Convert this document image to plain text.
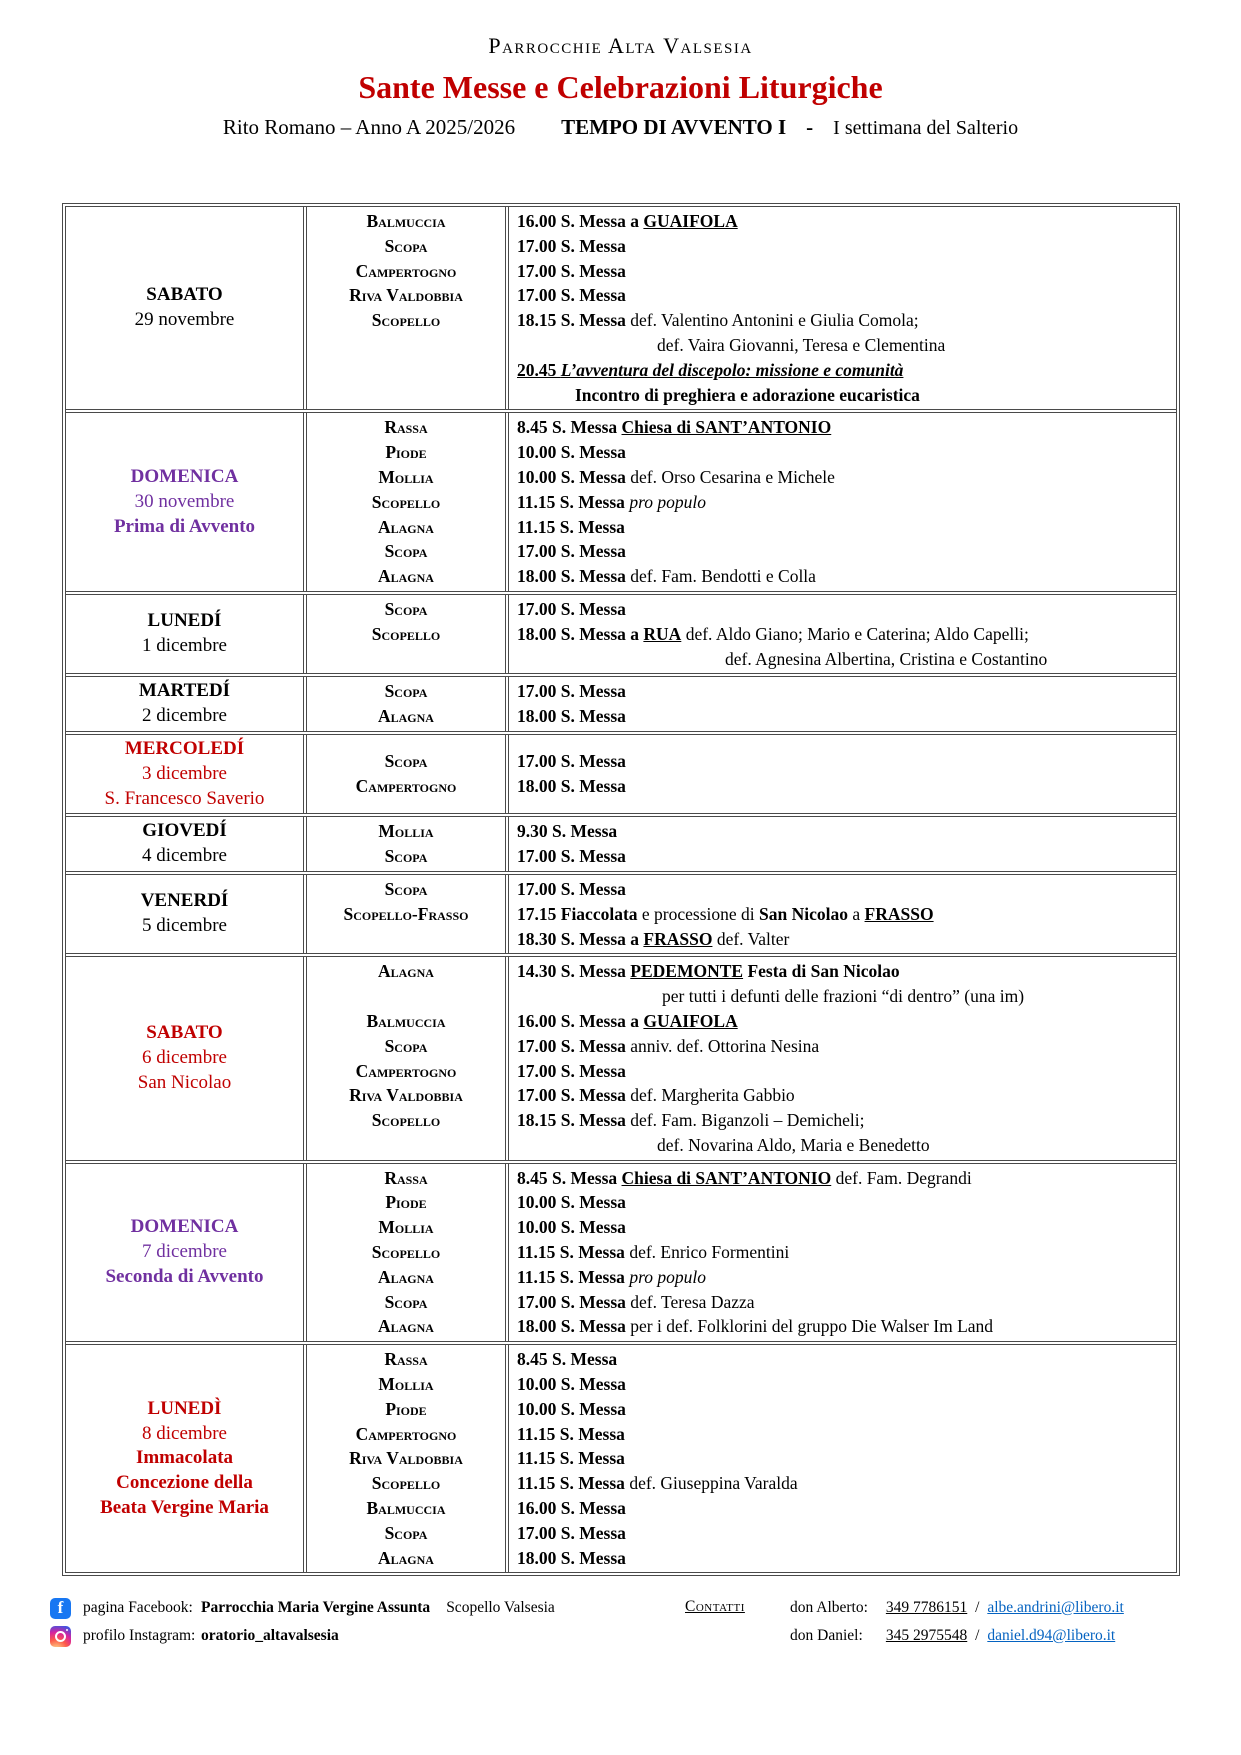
Parrocchie Alta Valsesia
Sante Messe e Celebrazioni Liturgiche
Rito Romano – Anno A 2025/2026 TEMPO DI AVVENTO I - I settimana del Salterio
SABATO
29 novembre
Balmuccia
Scopa
Campertogno
Riva Valdobbia
Scopello

16.00 S. Messa a GUAIFOLA
17.00 S. Messa
17.00 S. Messa
17.00 S. Messa
18.15 S. Messa def. Valentino Antonini e Giulia Comola;
def. Vaira Giovanni, Teresa e Clementina
20.45 L’avventura del discepolo: missione e comunità
Incontro di preghiera e adorazione eucaristica
DOMENICA
30 novembre
Prima di Avvento
Rassa
Piode
Mollia
Scopello
Alagna
Scopa
Alagna
8.45 S. Messa Chiesa di SANT’ANTONIO
10.00 S. Messa
10.00 S. Messa def. Orso Cesarina e Michele
11.15 S. Messa pro populo
11.15 S. Messa
17.00 S. Messa
18.00 S. Messa def. Fam. Bendotti e Colla
LUNEDÍ
1 dicembre
Scopa
Scopello

17.00 S. Messa
18.00 S. Messa a RUA def. Aldo Giano; Mario e Caterina; Aldo Capelli;
def. Agnesina Albertina, Cristina e Costantino
MARTEDÍ
2 dicembre
Scopa
Alagna
17.00 S. Messa
18.00 S. Messa
MERCOLEDÍ
3 dicembre
S. Francesco Saverio
Scopa
Campertogno
17.00 S. Messa
18.00 S. Messa
GIOVEDÍ
4 dicembre
Mollia
Scopa
9.30 S. Messa
17.00 S. Messa
VENERDÍ
5 dicembre
Scopa
Scopello-Frasso

17.00 S. Messa
17.15 Fiaccolata e processione di San Nicolao a FRASSO
18.30 S. Messa a FRASSO def. Valter
SABATO
6 dicembre
San Nicolao
Alagna

Balmuccia
Scopa
Campertogno
Riva Valdobbia
Scopello

14.30 S. Messa PEDEMONTE Festa di San Nicolao
per tutti i defunti delle frazioni “di dentro” (una im)
16.00 S. Messa a GUAIFOLA
17.00 S. Messa anniv. def. Ottorina Nesina
17.00 S. Messa
17.00 S. Messa def. Margherita Gabbio
18.15 S. Messa def. Fam. Biganzoli – Demicheli;
def. Novarina Aldo, Maria e Benedetto
DOMENICA
7 dicembre
Seconda di Avvento
Rassa
Piode
Mollia
Scopello
Alagna
Scopa
Alagna
8.45 S. Messa Chiesa di SANT’ANTONIO def. Fam. Degrandi
10.00 S. Messa
10.00 S. Messa
11.15 S. Messa def. Enrico Formentini
11.15 S. Messa pro populo
17.00 S. Messa def. Teresa Dazza
18.00 S. Messa per i def. Folklorini del gruppo Die Walser Im Land
LUNEDÌ
8 dicembre
Immacolata
Concezione della
Beata Vergine Maria
Rassa
Mollia
Piode
Campertogno
Riva Valdobbia
Scopello
Balmuccia
Scopa
Alagna
8.45 S. Messa
10.00 S. Messa
10.00 S. Messa
11.15 S. Messa
11.15 S. Messa
11.15 S. Messa def. Giuseppina Varalda
16.00 S. Messa
17.00 S. Messa
18.00 S. Messa
f
pagina Facebook: Parrocchia Maria Vergine Assunta Scopello Valsesia
profilo Instagram: oratorio_altavalsesia
Contatti	don Alberto: 349 7786151 / albe.andrini@libero.it
don Daniel: 345 2975548 / daniel.d94@libero.it
